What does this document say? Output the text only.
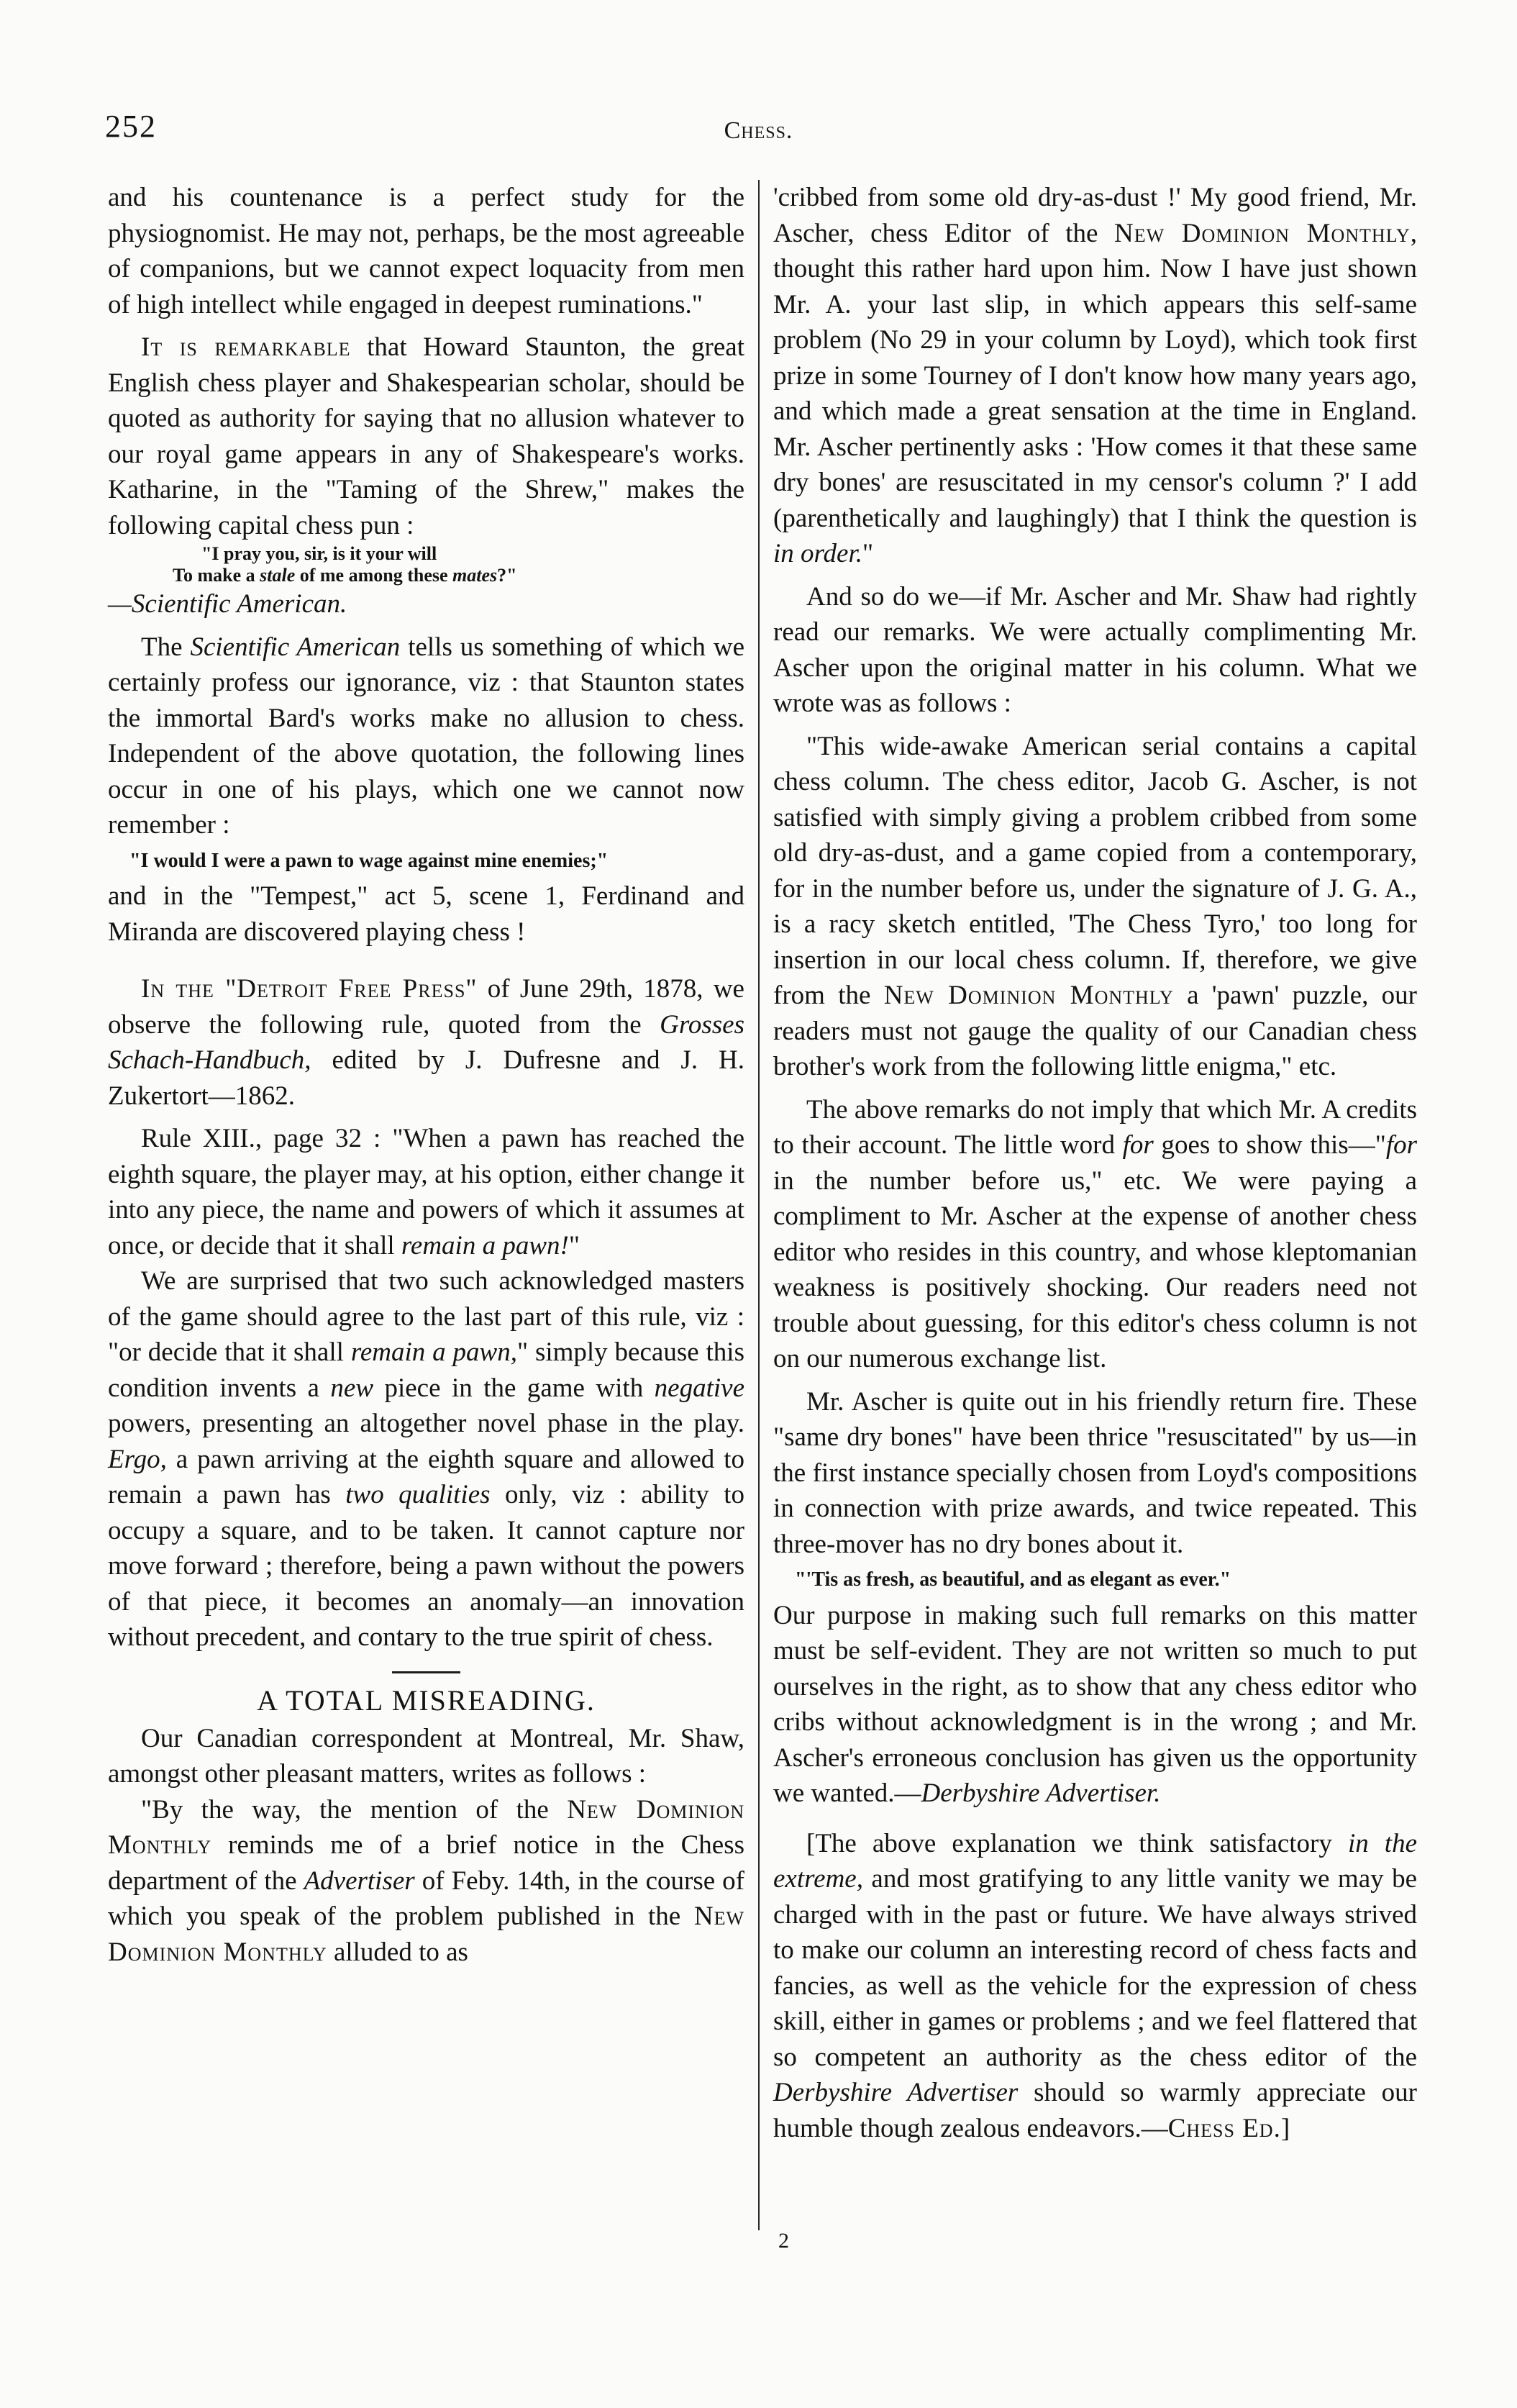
252	Chess.

and his countenance is a perfect study for the physiognomist. He may not, perhaps, be the most agreeable of companions, but we cannot expect loquacity from men of high intellect while engaged in deepest ruminations."

It is remarkable that Howard Staunton, the great English chess player and Shakespearian scholar, should be quoted as authority for saying that no allusion whatever to our royal game appears in any of Shakespeare's works. Katharine, in the "Taming of the Shrew," makes the following capital chess pun :

"I pray you, sir, is it your will
To make a stale of me among these mates?"

—Scientific American.

The Scientific American tells us something of which we certainly profess our ignorance, viz : that Staunton states the immortal Bard's works make no allusion to chess. Independent of the above quotation, the following lines occur in one of his plays, which one we cannot now remember :

"I would I were a pawn to wage against mine enemies;"

and in the "Tempest," act 5, scene 1, Ferdinand and Miranda are discovered playing chess !

In the "Detroit Free Press" of June 29th, 1878, we observe the following rule, quoted from the Grosses Schach-Handbuch, edited by J. Dufresne and J. H. Zukertort—1862.

Rule XIII., page 32 : "When a pawn has reached the eighth square, the player may, at his option, either change it into any piece, the name and powers of which it assumes at once, or decide that it shall remain a pawn!"

We are surprised that two such acknowledged masters of the game should agree to the last part of this rule, viz : "or decide that it shall remain a pawn," simply because this condition invents a new piece in the game with negative powers, presenting an altogether novel phase in the play. Ergo, a pawn arriving at the eighth square and allowed to remain a pawn has two qualities only, viz : ability to occupy a square, and to be taken. It cannot capture nor move forward ; therefore, being a pawn without the powers of that piece, it becomes an anomaly—an innovation without precedent, and contary to the true spirit of chess.

A TOTAL MISREADING.

Our Canadian correspondent at Montreal, Mr. Shaw, amongst other pleasant matters, writes as follows :

"By the way, the mention of the New Dominion Monthly reminds me of a brief notice in the Chess department of the Advertiser of Feby. 14th, in the course of which you speak of the problem published in the New Dominion Monthly alluded to as

'cribbed from some old dry-as-dust !' My good friend, Mr. Ascher, chess Editor of the New Dominion Monthly, thought this rather hard upon him. Now I have just shown Mr. A. your last slip, in which appears this self-same problem (No 29 in your column by Loyd), which took first prize in some Tourney of I don't know how many years ago, and which made a great sensation at the time in England. Mr. Ascher pertinently asks : 'How comes it that these same dry bones' are resuscitated in my censor's column ?' I add (parenthetically and laughingly) that I think the question is in order."

And so do we—if Mr. Ascher and Mr. Shaw had rightly read our remarks. We were actually complimenting Mr. Ascher upon the original matter in his column. What we wrote was as follows :

"This wide-awake American serial contains a capital chess column. The chess editor, Jacob G. Ascher, is not satisfied with simply giving a problem cribbed from some old dry-as-dust, and a game copied from a contemporary, for in the number before us, under the signature of J. G. A., is a racy sketch entitled, 'The Chess Tyro,' too long for insertion in our local chess column. If, therefore, we give from the New Dominion Monthly a 'pawn' puzzle, our readers must not gauge the quality of our Canadian chess brother's work from the following little enigma," etc.

The above remarks do not imply that which Mr. A credits to their account. The little word for goes to show this—"for in the number before us," etc. We were paying a compliment to Mr. Ascher at the expense of another chess editor who resides in this country, and whose kleptomanian weakness is positively shocking. Our readers need not trouble about guessing, for this editor's chess column is not on our numerous exchange list.

Mr. Ascher is quite out in his friendly return fire. These "same dry bones" have been thrice "resuscitated" by us—in the first instance specially chosen from Loyd's compositions in connection with prize awards, and twice repeated. This three-mover has no dry bones about it.

"'Tis as fresh, as beautiful, and as elegant as ever."

Our purpose in making such full remarks on this matter must be self-evident. They are not written so much to put ourselves in the right, as to show that any chess editor who cribs without acknowledgment is in the wrong ; and Mr. Ascher's erroneous conclusion has given us the opportunity we wanted.—Derbyshire Advertiser.

[The above explanation we think satisfactory in the extreme, and most gratifying to any little vanity we may be charged with in the past or future. We have always strived to make our column an interesting record of chess facts and fancies, as well as the vehicle for the expression of chess skill, either in games or problems ; and we feel flattered that so competent an authority as the chess editor of the Derbyshire Advertiser should so warmly appreciate our humble though zealous endeavors.—Chess Ed.]

2
